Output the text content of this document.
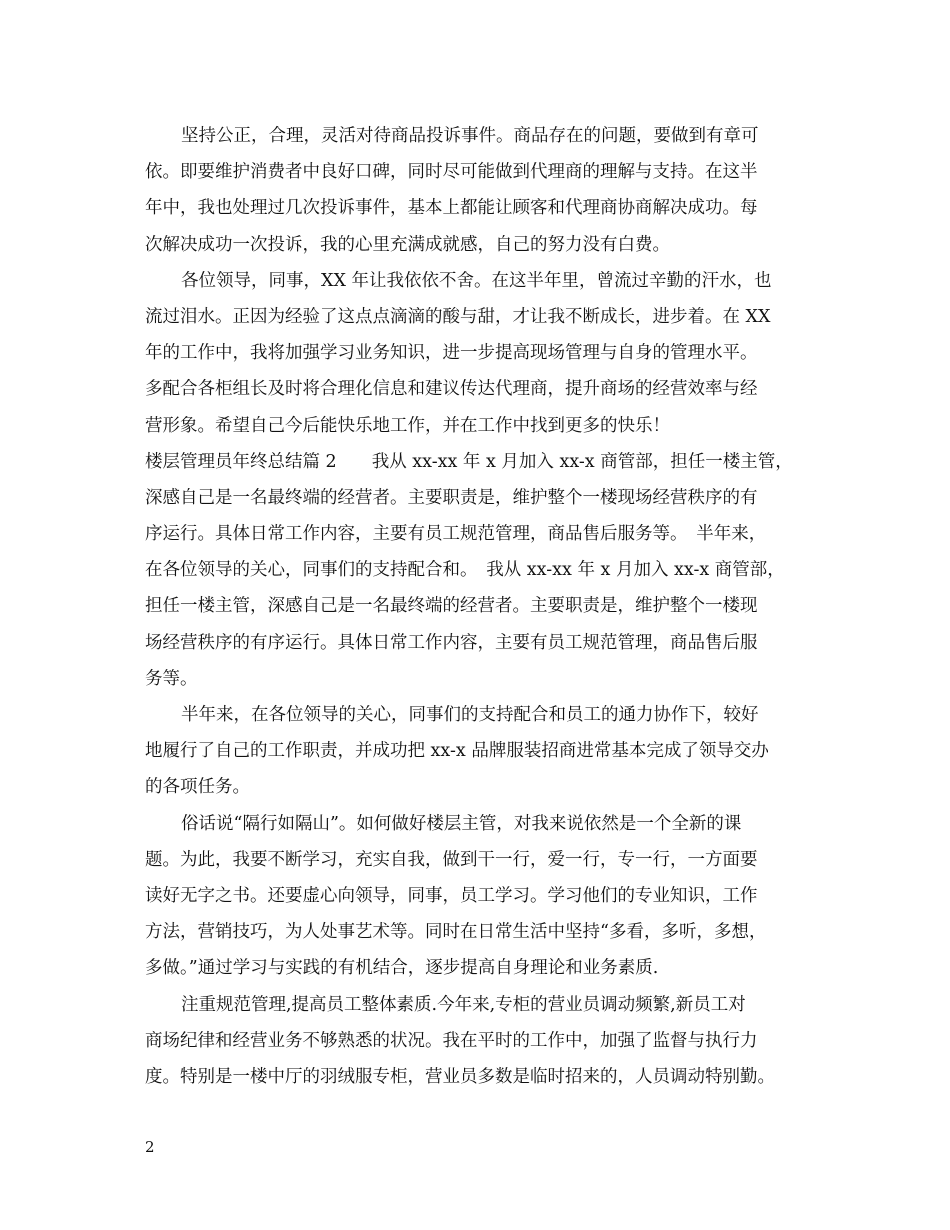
坚持公正，合理，灵活对待商品投诉事件。商品存在的问题，要做到有章可
依。即要维护消费者中良好口碑，同时尽可能做到代理商的理解与支持。在这半
年中，我也处理过几次投诉事件，基本上都能让顾客和代理商协商解决成功。每
次解决成功一次投诉，我的心里充满成就感，自己的努力没有白费。
各位领导，同事，XX 年让我依依不舍。在这半年里，曾流过辛勤的汗水，也
流过泪水。正因为经验了这点点滴滴的酸与甜，才让我不断成长，进步着。在 XX
年的工作中，我将加强学习业务知识，进一步提高现场管理与自身的管理水平。
多配合各柜组长及时将合理化信息和建议传达代理商，提升商场的经营效率与经
营形象。希望自己今后能快乐地工作，并在工作中找到更多的快乐！
楼层管理员年终总结篇 2　　我从 xx-xx 年 x 月加入 xx-x 商管部，担任一楼主管，
深感自己是一名最终端的经营者。主要职责是，维护整个一楼现场经营秩序的有
序运行。具体日常工作内容，主要有员工规范管理，商品售后服务等。　半年来，
在各位领导的关心，同事们的支持配合和。　我从 xx-xx 年 x 月加入 xx-x 商管部，
担任一楼主管，深感自己是一名最终端的经营者。主要职责是，维护整个一楼现
场经营秩序的有序运行。具体日常工作内容，主要有员工规范管理，商品售后服
务等。
半年来，在各位领导的关心，同事们的支持配合和员工的通力协作下，较好
地履行了自己的工作职责，并成功把 xx-x 品牌服装招商进常基本完成了领导交办
的各项任务。
俗话说“隔行如隔山”。如何做好楼层主管，对我来说依然是一个全新的课
题。为此，我要不断学习，充实自我，做到干一行，爱一行，专一行，一方面要
读好无字之书。还要虚心向领导，同事，员工学习。学习他们的专业知识，工作
方法，营销技巧，为人处事艺术等。同时在日常生活中坚持“多看，多听，多想，
多做。”通过学习与实践的有机结合，逐步提高自身理论和业务素质.
注重规范管理,提高员工整体素质.今年来,专柜的营业员调动频繁,新员工对
商场纪律和经营业务不够熟悉的状况。我在平时的工作中，加强了监督与执行力
度。特别是一楼中厅的羽绒服专柜，营业员多数是临时招来的，人员调动特别勤。
2
